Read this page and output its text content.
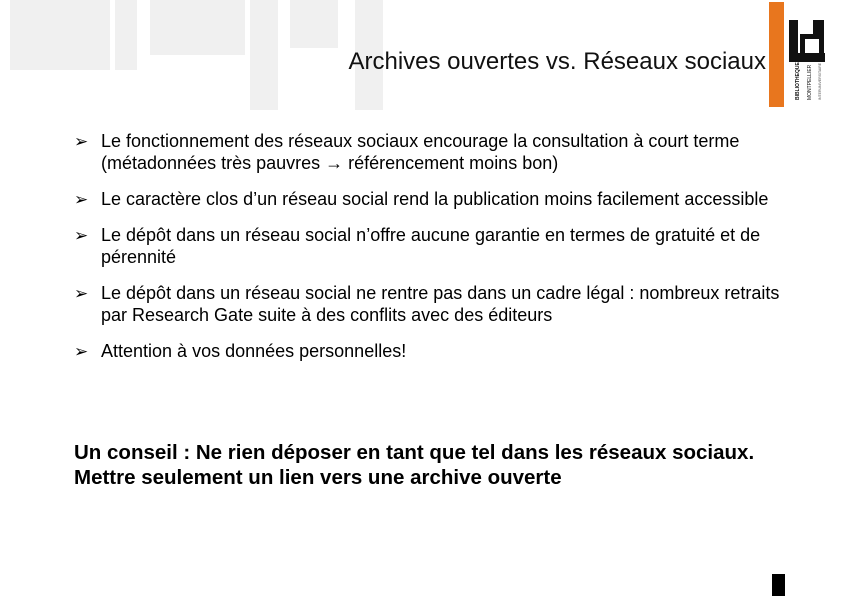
Archives ouvertes vs. Réseaux sociaux
BIBLIOTHEQUE MONTPELLIER INTERUNIVERSITAIRE
➢ Le fonctionnement des réseaux sociaux encourage la consultation à court terme (métadonnées très pauvres → référencement moins bon)
➢ Le caractère clos d’un réseau social rend la publication moins facilement accessible
➢ Le dépôt dans un réseau social n’offre aucune garantie en termes de gratuité et de pérennité
➢ Le dépôt dans un réseau social ne rentre pas dans un cadre légal : nombreux retraits par Research Gate suite à des conflits avec des éditeurs
➢ Attention à vos données personnelles!

Un conseil : Ne rien déposer en tant que tel dans les réseaux sociaux. Mettre seulement un lien vers une archive ouverte
